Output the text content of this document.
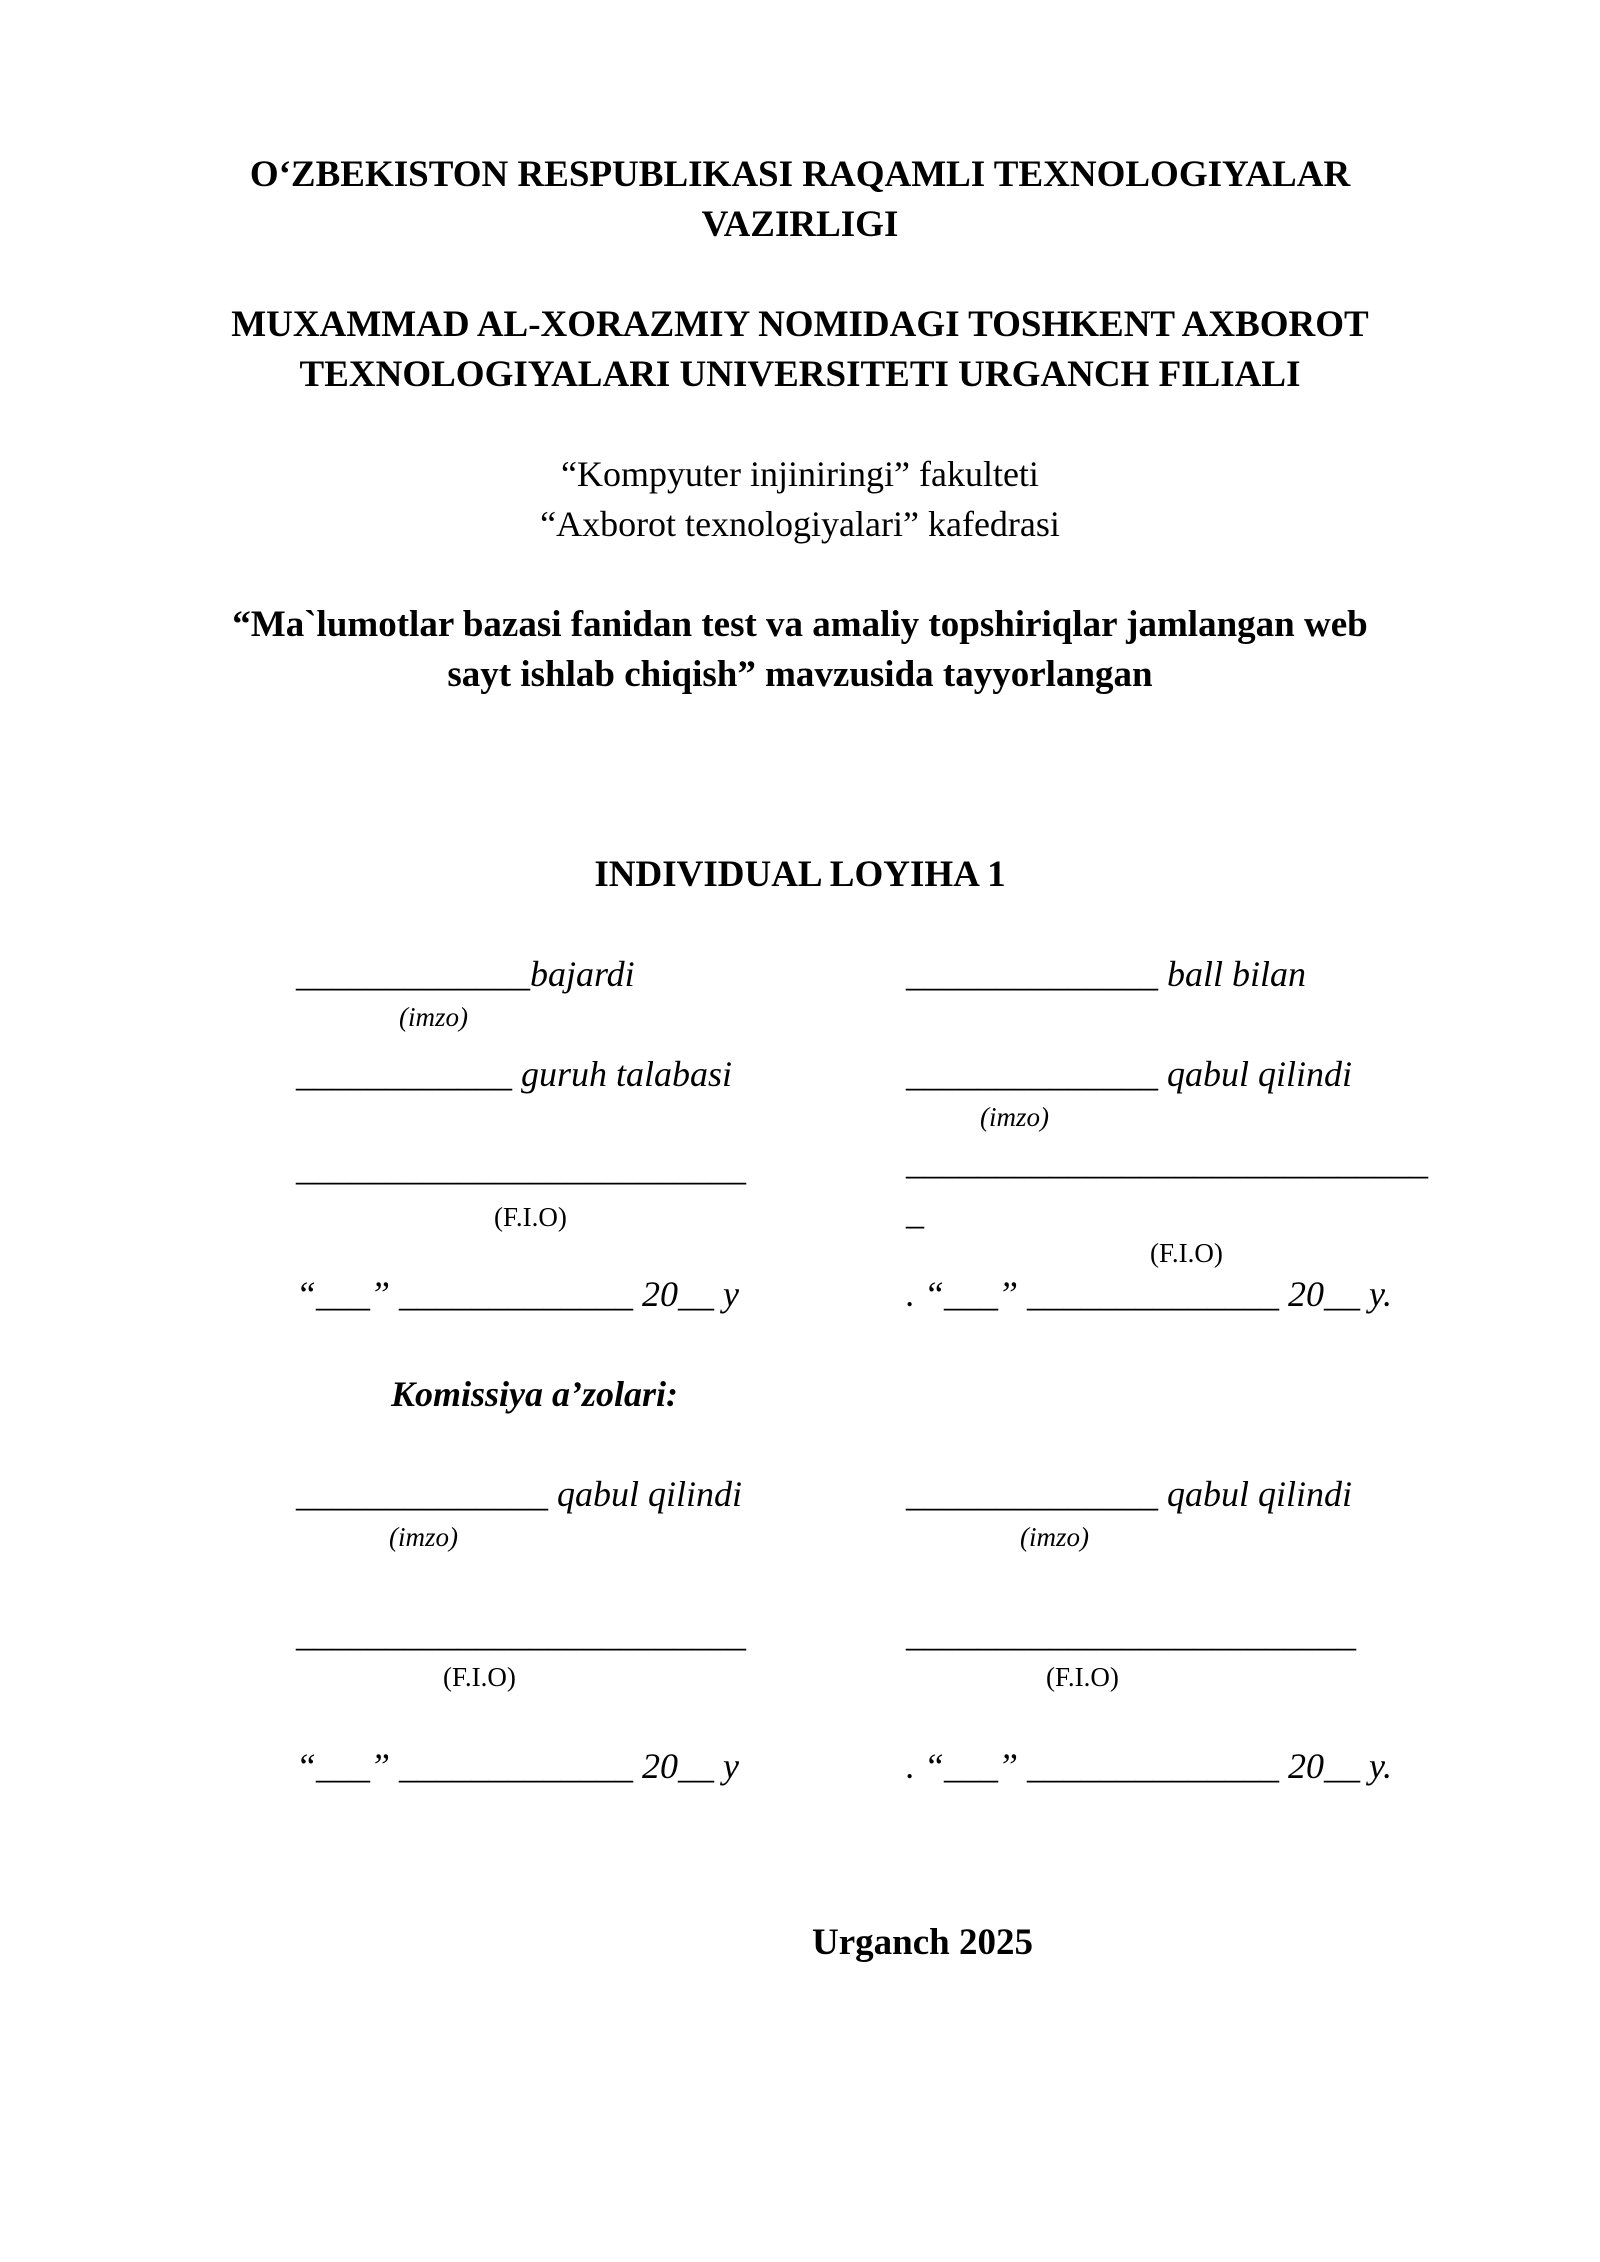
O‘ZBEKISTON RESPUBLIKASI RAQAMLI TEXNOLOGIYALAR
VAZIRLIGI
MUXAMMAD AL-XORAZMIY NOMIDAGI TOSHKENT AXBOROT
TEXNOLOGIYALARI UNIVERSITETI URGANCH FILIALI
“Kompyuter injiniringi” fakulteti
“Axborot texnologiyalari” kafedrasi
“Ma`lumotlar bazasi fanidan test va amaliy topshiriqlar jamlangan web
sayt ishlab chiqish” mavzusida tayyorlangan
INDIVIDUAL LOYIHA 1
_____________bajardi
(imzo)
____________ guruh talabasi
_________________________
(F.I.O)
“___” _____________ 20__ y
______________ ball bilan
______________ qabul qilindi
(imzo)
_____________________________
_
(F.I.O)
. “___” ______________ 20__ y.
Komissiya a’zolari:
______________ qabul qilindi
(imzo)
_________________________
(F.I.O)
“___” _____________ 20__ y
______________ qabul qilindi
(imzo)
_________________________
(F.I.O)
. “___” ______________ 20__ y.
Urganch 2025
